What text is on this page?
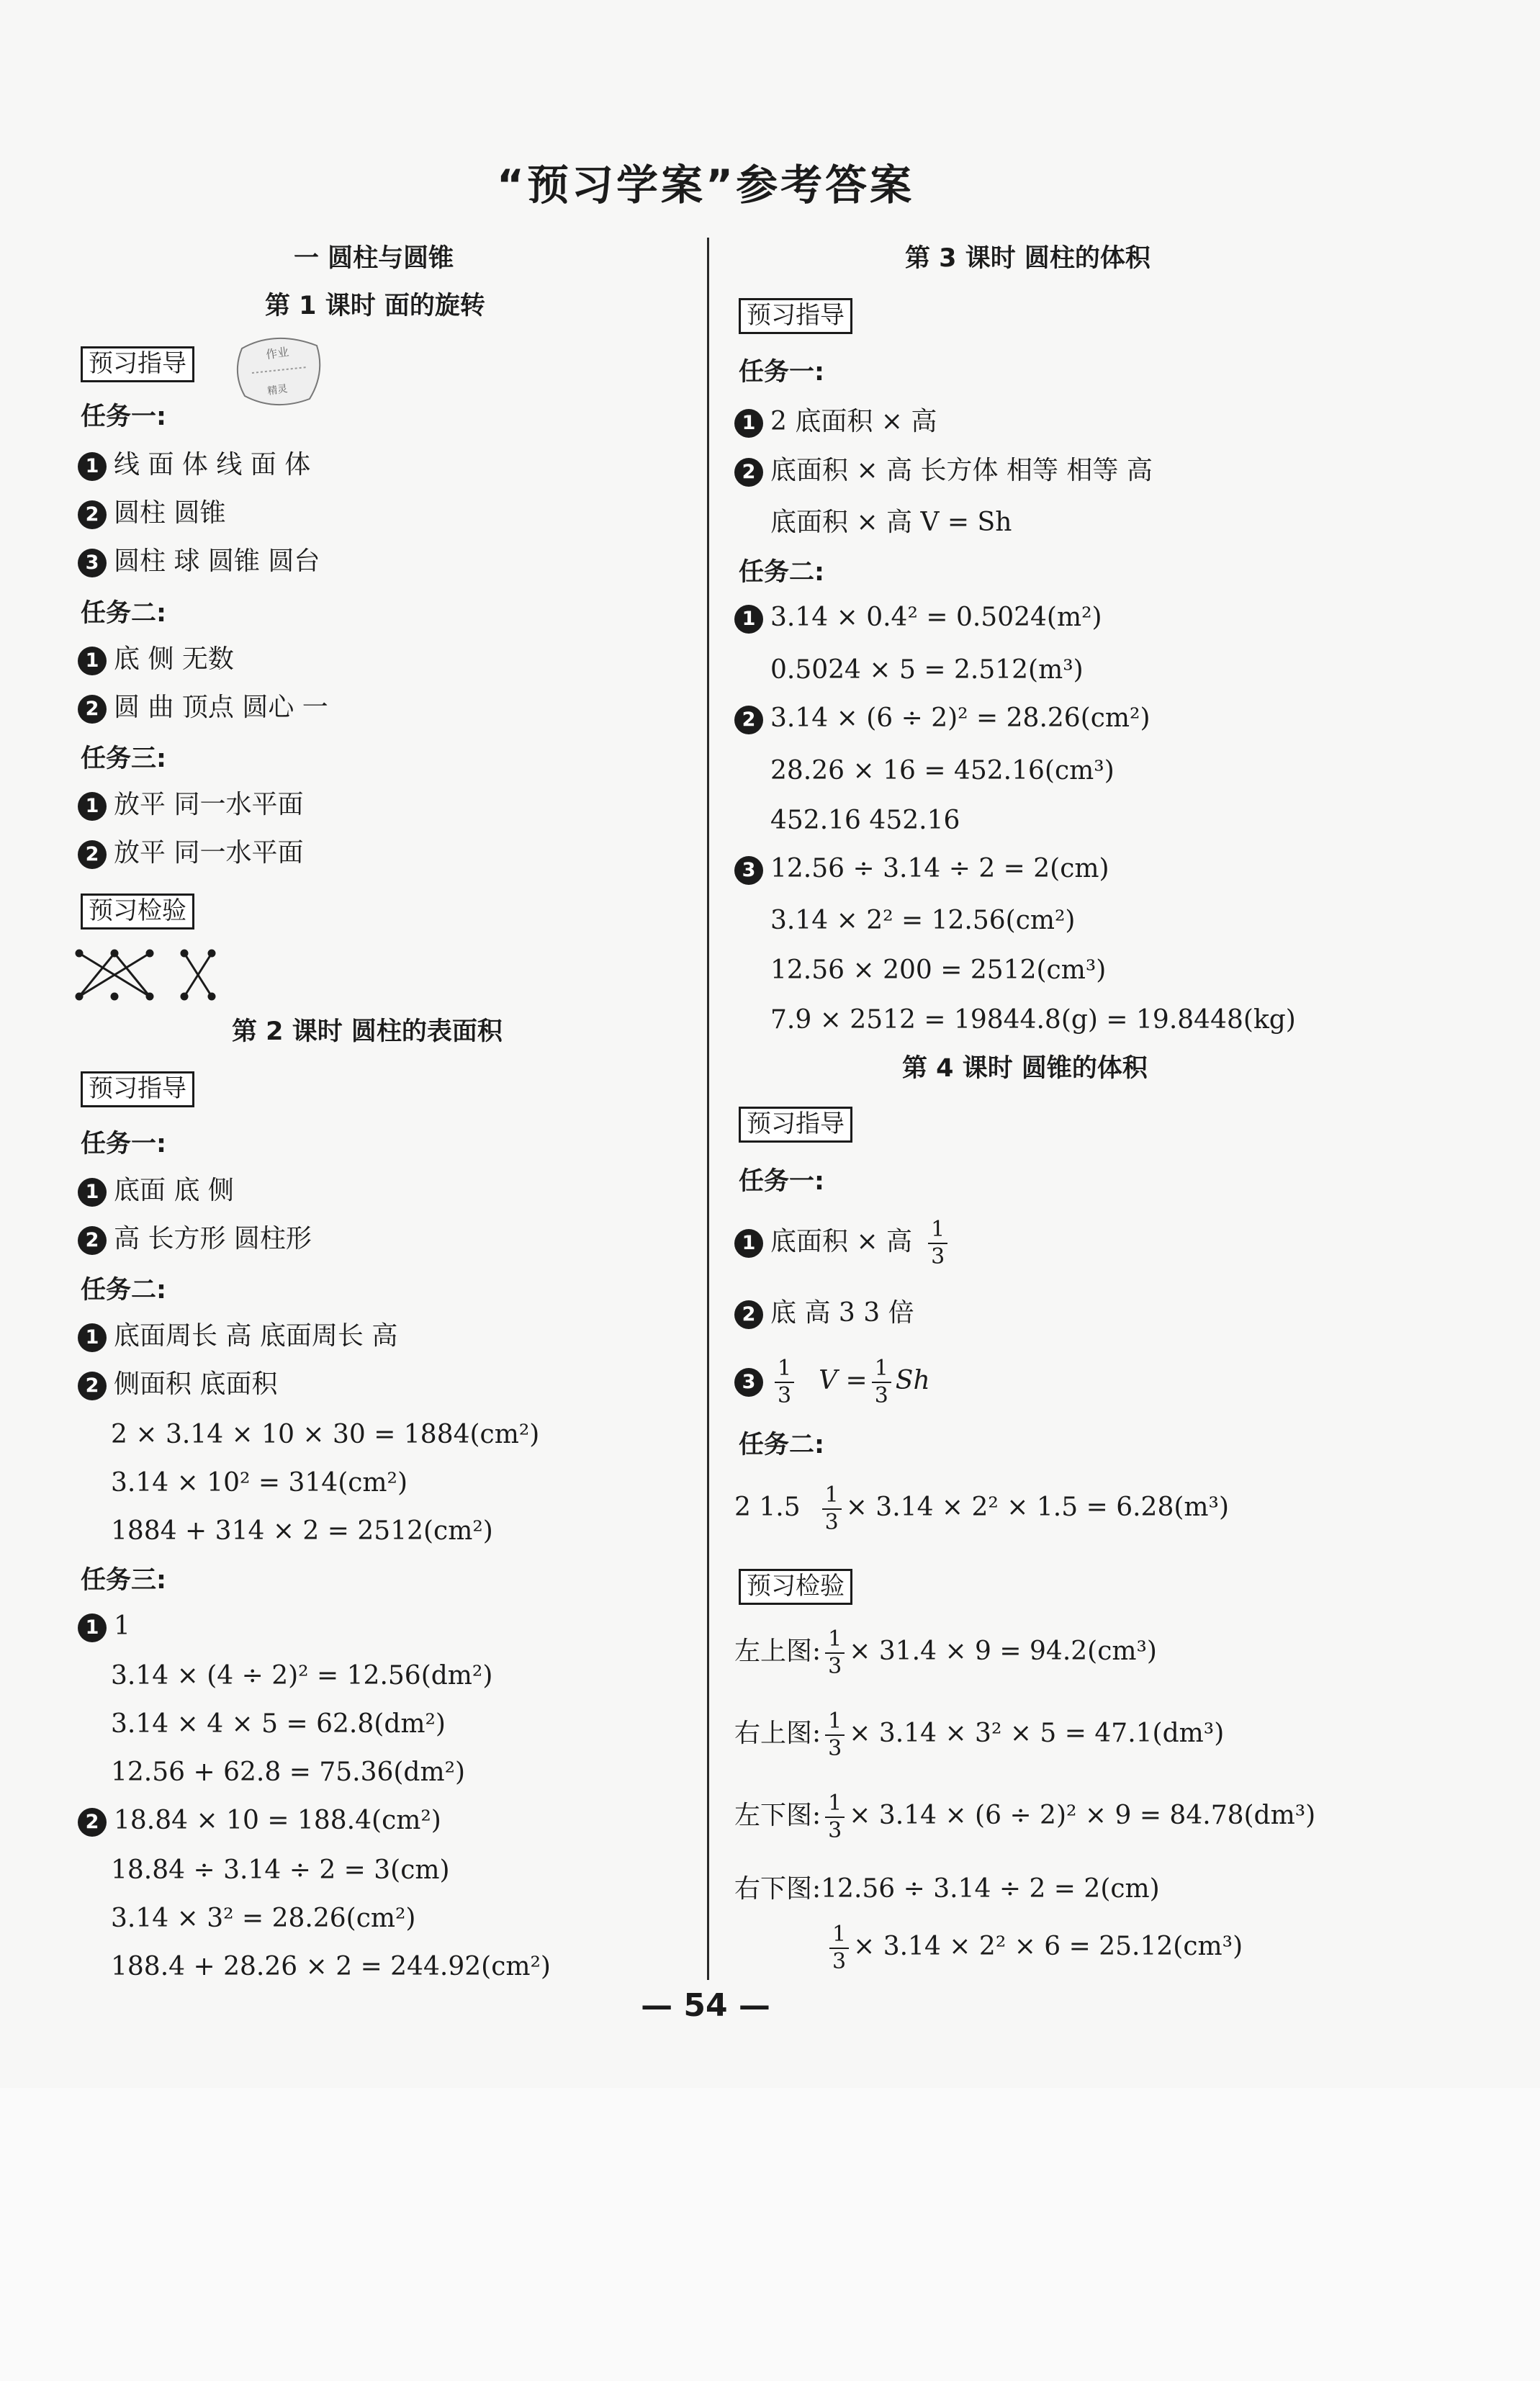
“预习学案”参考答案
一 圆柱与圆锥
第 1 课时 面的旋转
预习指导	作业
精灵
任务一:
1 线 面 体 线 面 体
2 圆柱 圆锥
3 圆柱 球 圆锥 圆台
任务二:
1 底 侧 无数
2 圆 曲 顶点 圆心 一
任务三:
1 放平 同一水平面
2 放平 同一水平面
预习检验
第 2 课时 圆柱的表面积
预习指导
任务一:
1 底面 底 侧
2 高 长方形 圆柱形
任务二:
1 底面周长 高 底面周长 高
2 侧面积 底面积
2 × 3.14 × 10 × 30 = 1884(cm²)
3.14 × 10² = 314(cm²)
1884 + 314 × 2 = 2512(cm²)
任务三:
1 1
3.14 × (4 ÷ 2)² = 12.56(dm²)
3.14 × 4 × 5 = 62.8(dm²)
12.56 + 62.8 = 75.36(dm²)
2 18.84 × 10 = 188.4(cm²)
18.84 ÷ 3.14 ÷ 2 = 3(cm)
3.14 × 3² = 28.26(cm²)
188.4 + 28.26 × 2 = 244.92(cm²)
第 3 课时 圆柱的体积
预习指导
任务一:
1 2 底面积 × 高
2 底面积 × 高 长方体 相等 相等 高
底面积 × 高 V = Sh
任务二:
1 3.14 × 0.4² = 0.5024(m²)
0.5024 × 5 = 2.512(m³)
2 3.14 × (6 ÷ 2)² = 28.26(cm²)
28.26 × 16 = 452.16(cm³)
452.16 452.16
3 12.56 ÷ 3.14 ÷ 2 = 2(cm)
3.14 × 2² = 12.56(cm²)
12.56 × 200 = 2512(cm³)
7.9 × 2512 = 19844.8(g) = 19.8448(kg)
第 4 课时 圆锥的体积
预习指导
任务一:
1 底面积 × 高 $\frac{1}{3}$
2 底 高 3 3 倍
$3 \frac{1}{3}$ $V = \frac{1}{3}$ Sh
任务二:
2 $1.5 \frac{1}{3} \times 3.14 \times 2^2 \times 1.5 = 6.28(m^3)$
预习检验
左上图: $\frac{1}{3} \times 31.4 \times 9 = 94.2(cm^3)$
右上图: $\frac{1}{3} \times 3.14 \times 3^2 \times 5 = 47.1(dm^3)$
左下图: $\frac{1}{3} \times 3.14 \times (6 \div 2)^2 \times 9 = 84.78(dm^3)$
右下图:12.56 ÷ 3.14 ÷ 2 = 2(cm)
$\frac{1}{3} \times 3.14 \times 2^2 \times 6 = 25.12(cm^3)$
— 54 —
